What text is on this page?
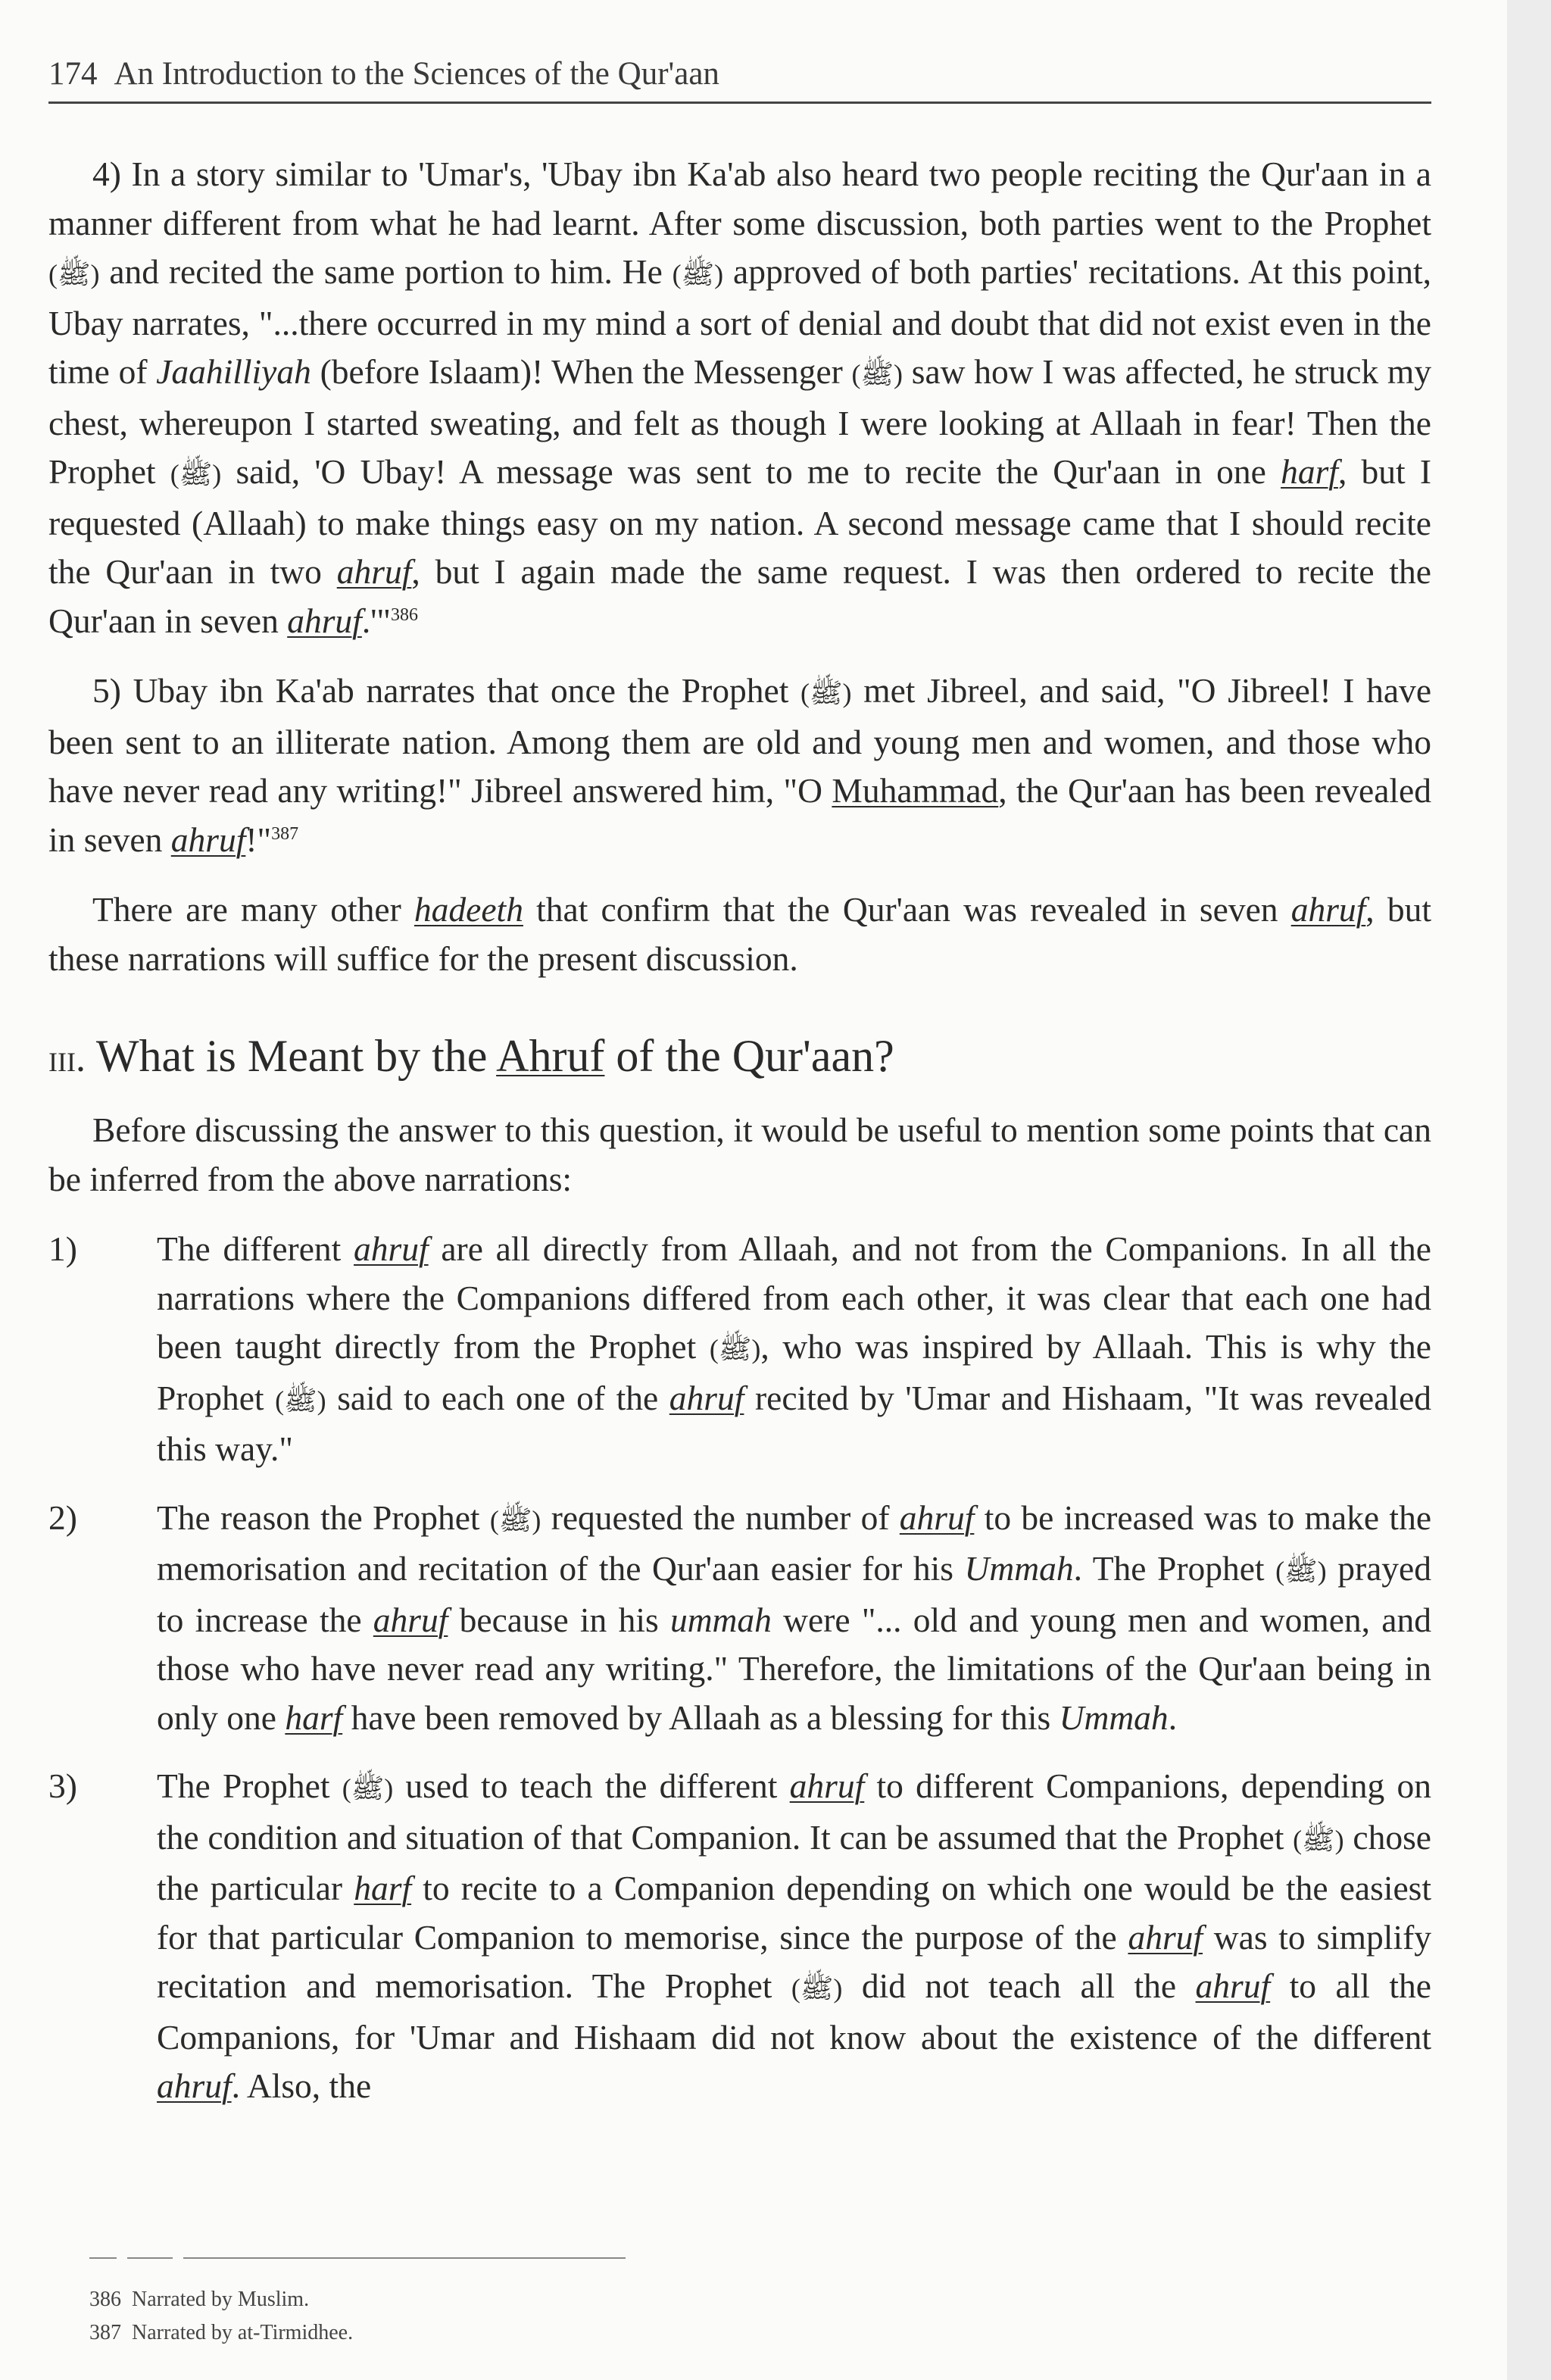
174 An Introduction to the Sciences of the Qur'aan

4) In a story similar to 'Umar's, 'Ubay ibn Ka'ab also heard two people reciting the Qur'aan in a manner different from what he had learnt. After some discussion, both parties went to the Prophet (ﷺ) and recited the same portion to him. He (ﷺ) approved of both parties' recitations. At this point, Ubay narrates, "...there occurred in my mind a sort of denial and doubt that did not exist even in the time of Jaahilliyah (before Islaam)! When the Messenger (ﷺ) saw how I was affected, he struck my chest, whereupon I started sweating, and felt as though I were looking at Allaah in fear! Then the Prophet (ﷺ) said, 'O Ubay! A message was sent to me to recite the Qur'aan in one harf, but I requested (Allaah) to make things easy on my nation. A second message came that I should recite the Qur'aan in two ahruf, but I again made the same request. I was then ordered to recite the Qur'aan in seven ahruf.'"$^{386}$

5) Ubay ibn Ka'ab narrates that once the Prophet (ﷺ) met Jibreel, and said, "O Jibreel! I have been sent to an illiterate nation. Among them are old and young men and women, and those who have never read any writing!" Jibreel answered him, "O Muhammad, the Qur'aan has been revealed in seven ahruf!"$^{387}$

There are many other hadeeth that confirm that the Qur'aan was revealed in seven ahruf, but these narrations will suffice for the present discussion.

iii. What is Meant by the Ahruf of the Qur'aan?

Before discussing the answer to this question, it would be useful to mention some points that can be inferred from the above narrations:

1) The different ahruf are all directly from Allaah, and not from the Companions. In all the narrations where the Companions differed from each other, it was clear that each one had been taught directly from the Prophet (ﷺ), who was inspired by Allaah. This is why the Prophet (ﷺ) said to each one of the ahruf recited by 'Umar and Hishaam, "It was revealed this way."
2) The reason the Prophet (ﷺ) requested the number of ahruf to be increased was to make the memorisation and recitation of the Qur'aan easier for his Ummah. The Prophet (ﷺ) prayed to increase the ahruf because in his ummah were "... old and young men and women, and those who have never read any writing." Therefore, the limitations of the Qur'aan being in only one harf have been removed by Allaah as a blessing for this Ummah.
3) The Prophet (ﷺ) used to teach the different ahruf to different Companions, depending on the condition and situation of that Companion. It can be assumed that the Prophet (ﷺ) chose the particular harf to recite to a Companion depending on which one would be the easiest for that particular Companion to memorise, since the purpose of the ahruf was to simplify recitation and memorisation. The Prophet (ﷺ) did not teach all the ahruf to all the Companions, for 'Umar and Hishaam did not know about the existence of the different ahruf. Also, the
386 Narrated by Muslim.
387 Narrated by at-Tirmidhee.
